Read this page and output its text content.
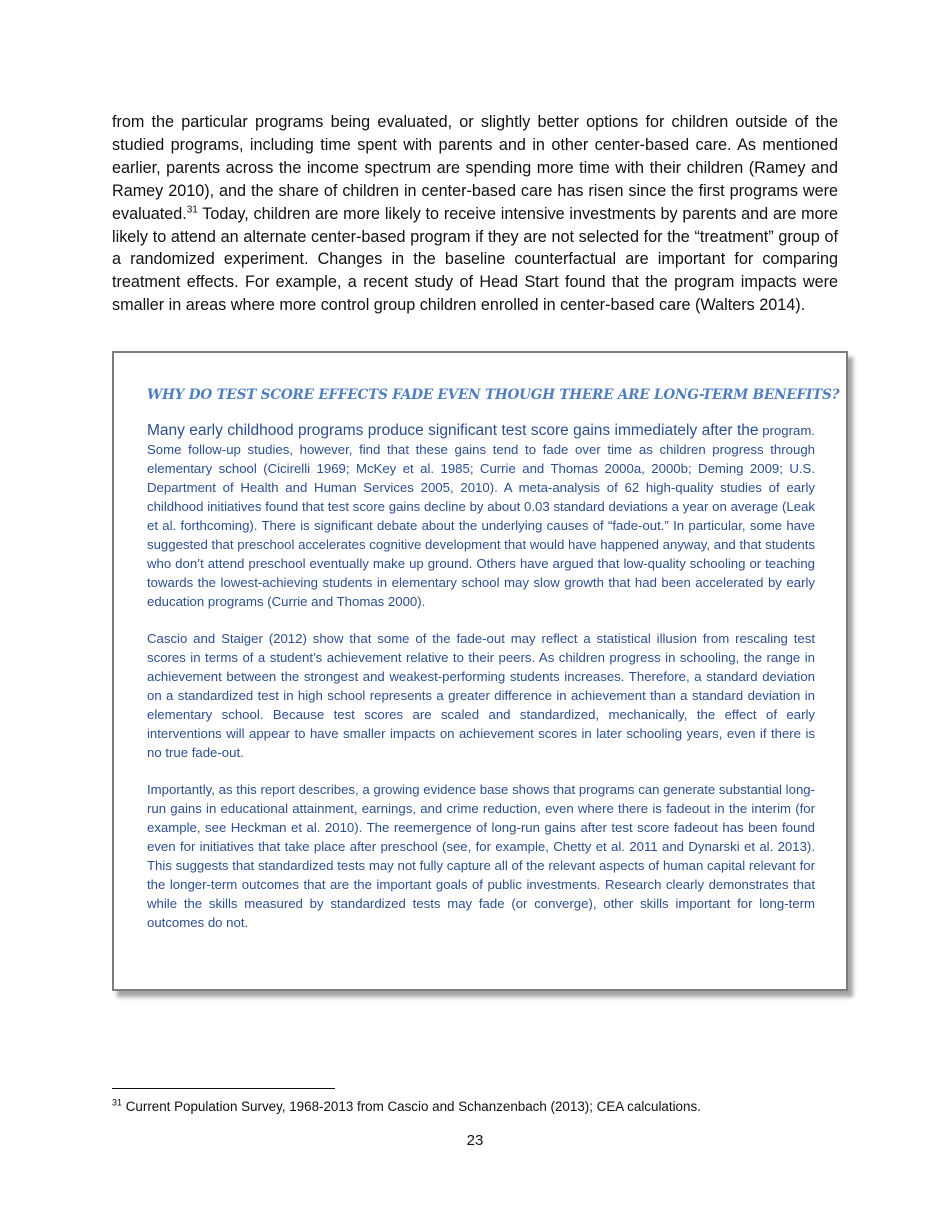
from the particular programs being evaluated, or slightly better options for children outside of the studied programs, including time spent with parents and in other center-based care. As mentioned earlier, parents across the income spectrum are spending more time with their children (Ramey and Ramey 2010), and the share of children in center-based care has risen since the first programs were evaluated.$^{31}$ Today, children are more likely to receive intensive investments by parents and are more likely to attend an alternate center-based program if they are not selected for the “treatment” group of a randomized experiment. Changes in the baseline counterfactual are important for comparing treatment effects. For example, a recent study of Head Start found that the program impacts were smaller in areas where more control group children enrolled in center-based care (Walters 2014).

WHY DO TEST SCORE EFFECTS FADE EVEN THOUGH THERE ARE LONG-TERM BENEFITS?

Many early childhood programs produce significant test score gains immediately after the program. Some follow-up studies, however, find that these gains tend to fade over time as children progress through elementary school (Cicirelli 1969; McKey et al. 1985; Currie and Thomas 2000a, 2000b; Deming 2009; U.S. Department of Health and Human Services 2005, 2010). A meta-analysis of 62 high-quality studies of early childhood initiatives found that test score gains decline by about 0.03 standard deviations a year on average (Leak et al. forthcoming). There is significant debate about the underlying causes of “fade-out.” In particular, some have suggested that preschool accelerates cognitive development that would have happened anyway, and that students who don’t attend preschool eventually make up ground. Others have argued that low-quality schooling or teaching towards the lowest-achieving students in elementary school may slow growth that had been accelerated by early education programs (Currie and Thomas 2000).

Cascio and Staiger (2012) show that some of the fade-out may reflect a statistical illusion from rescaling test scores in terms of a student’s achievement relative to their peers. As children progress in schooling, the range in achievement between the strongest and weakest-performing students increases. Therefore, a standard deviation on a standardized test in high school represents a greater difference in achievement than a standard deviation in elementary school. Because test scores are scaled and standardized, mechanically, the effect of early interventions will appear to have smaller impacts on achievement scores in later schooling years, even if there is no true fade-out.

Importantly, as this report describes, a growing evidence base shows that programs can generate substantial long-run gains in educational attainment, earnings, and crime reduction, even where there is fadeout in the interim (for example, see Heckman et al. 2010). The reemergence of long-run gains after test score fadeout has been found even for initiatives that take place after preschool (see, for example, Chetty et al. 2011 and Dynarski et al. 2013). This suggests that standardized tests may not fully capture all of the relevant aspects of human capital relevant for the longer-term outcomes that are the important goals of public investments. Research clearly demonstrates that while the skills measured by standardized tests may fade (or converge), other skills important for long-term outcomes do not.

$^{31}$ Current Population Survey, 1968-2013 from Cascio and Schanzenbach (2013); CEA calculations.

23
